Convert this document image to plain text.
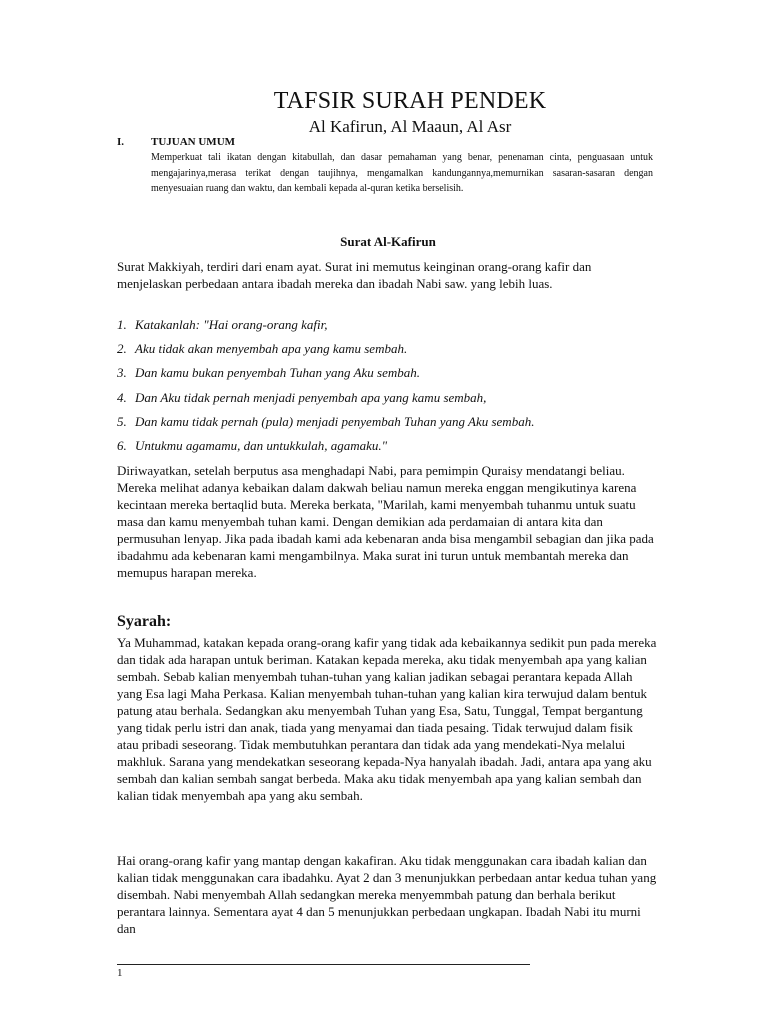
TAFSIR SURAH PENDEK
Al Kafirun, Al Maaun, Al Asr
I. TUJUAN UMUM

Memperkuat tali ikatan dengan kitabullah, dan dasar pemahaman yang benar, penenaman cinta, penguasaan untuk mengajarinya,merasa terikat dengan taujihnya, mengamalkan kandungannya,memurnikan sasaran-sasaran dengan menyesuaian ruang dan waktu, dan kembali kepada al-quran ketika berselisih.

Surat Al-Kafirun

Surat Makkiyah, terdiri dari enam ayat. Surat ini memutus keinginan orang-orang kafir dan menjelaskan perbedaan antara ibadah mereka dan ibadah Nabi saw. yang lebih luas.

1. Katakanlah: "Hai orang-orang kafir,
2. Aku tidak akan menyembah apa yang kamu sembah.
3. Dan kamu bukan penyembah Tuhan yang Aku sembah.
4. Dan Aku tidak pernah menjadi penyembah apa yang kamu sembah,
5. Dan kamu tidak pernah (pula) menjadi penyembah Tuhan yang Aku sembah.
6. Untukmu agamamu, dan untukkulah, agamaku."

Diriwayatkan, setelah berputus asa menghadapi Nabi, para pemimpin Quraisy mendatangi beliau. Mereka melihat adanya kebaikan dalam dakwah beliau namun mereka enggan mengikutinya karena kecintaan mereka bertaqlid buta. Mereka berkata, "Marilah, kami menyembah tuhanmu untuk suatu masa dan kamu menyembah tuhan kami. Dengan demikian ada perdamaian di antara kita dan permusuhan lenyap. Jika pada ibadah kami ada kebenaran anda bisa mengambil sebagian dan jika pada ibadahmu ada kebenaran kami mengambilnya. Maka surat ini turun untuk membantah mereka dan memupus harapan mereka.

Syarah:

Ya Muhammad, katakan kepada orang-orang kafir yang tidak ada kebaikannya sedikit pun pada mereka dan tidak ada harapan untuk beriman. Katakan kepada mereka, aku tidak menyembah apa yang kalian sembah. Sebab kalian menyembah tuhan-tuhan yang kalian jadikan sebagai perantara kepada Allah yang Esa lagi Maha Perkasa. Kalian menyembah tuhan-tuhan yang kalian kira terwujud dalam bentuk patung atau berhala. Sedangkan aku menyembah Tuhan yang Esa, Satu, Tunggal, Tempat bergantung yang tidak perlu istri dan anak, tiada yang menyamai dan tiada pesaing. Tidak terwujud dalam fisik atau pribadi seseorang. Tidak membutuhkan perantara dan tidak ada yang mendekati-Nya melalui makhluk. Sarana yang mendekatkan seseorang kepada-Nya hanyalah ibadah. Jadi, antara apa yang aku sembah dan kalian sembah sangat berbeda. Maka aku tidak menyembah apa yang kalian sembah dan kalian tidak menyembah apa yang aku sembah.

Hai orang-orang kafir yang mantap dengan kakafiran. Aku tidak menggunakan cara ibadah kalian dan kalian tidak menggunakan cara ibadahku. Ayat 2 dan 3 menunjukkan perbedaan antar kedua tuhan yang disembah. Nabi menyembah Allah sedangkan mereka menyemmbah patung dan berhala berikut perantara lainnya. Sementara ayat 4 dan 5 menunjukkan perbedaan ungkapan. Ibadah Nabi itu murni dan

1
